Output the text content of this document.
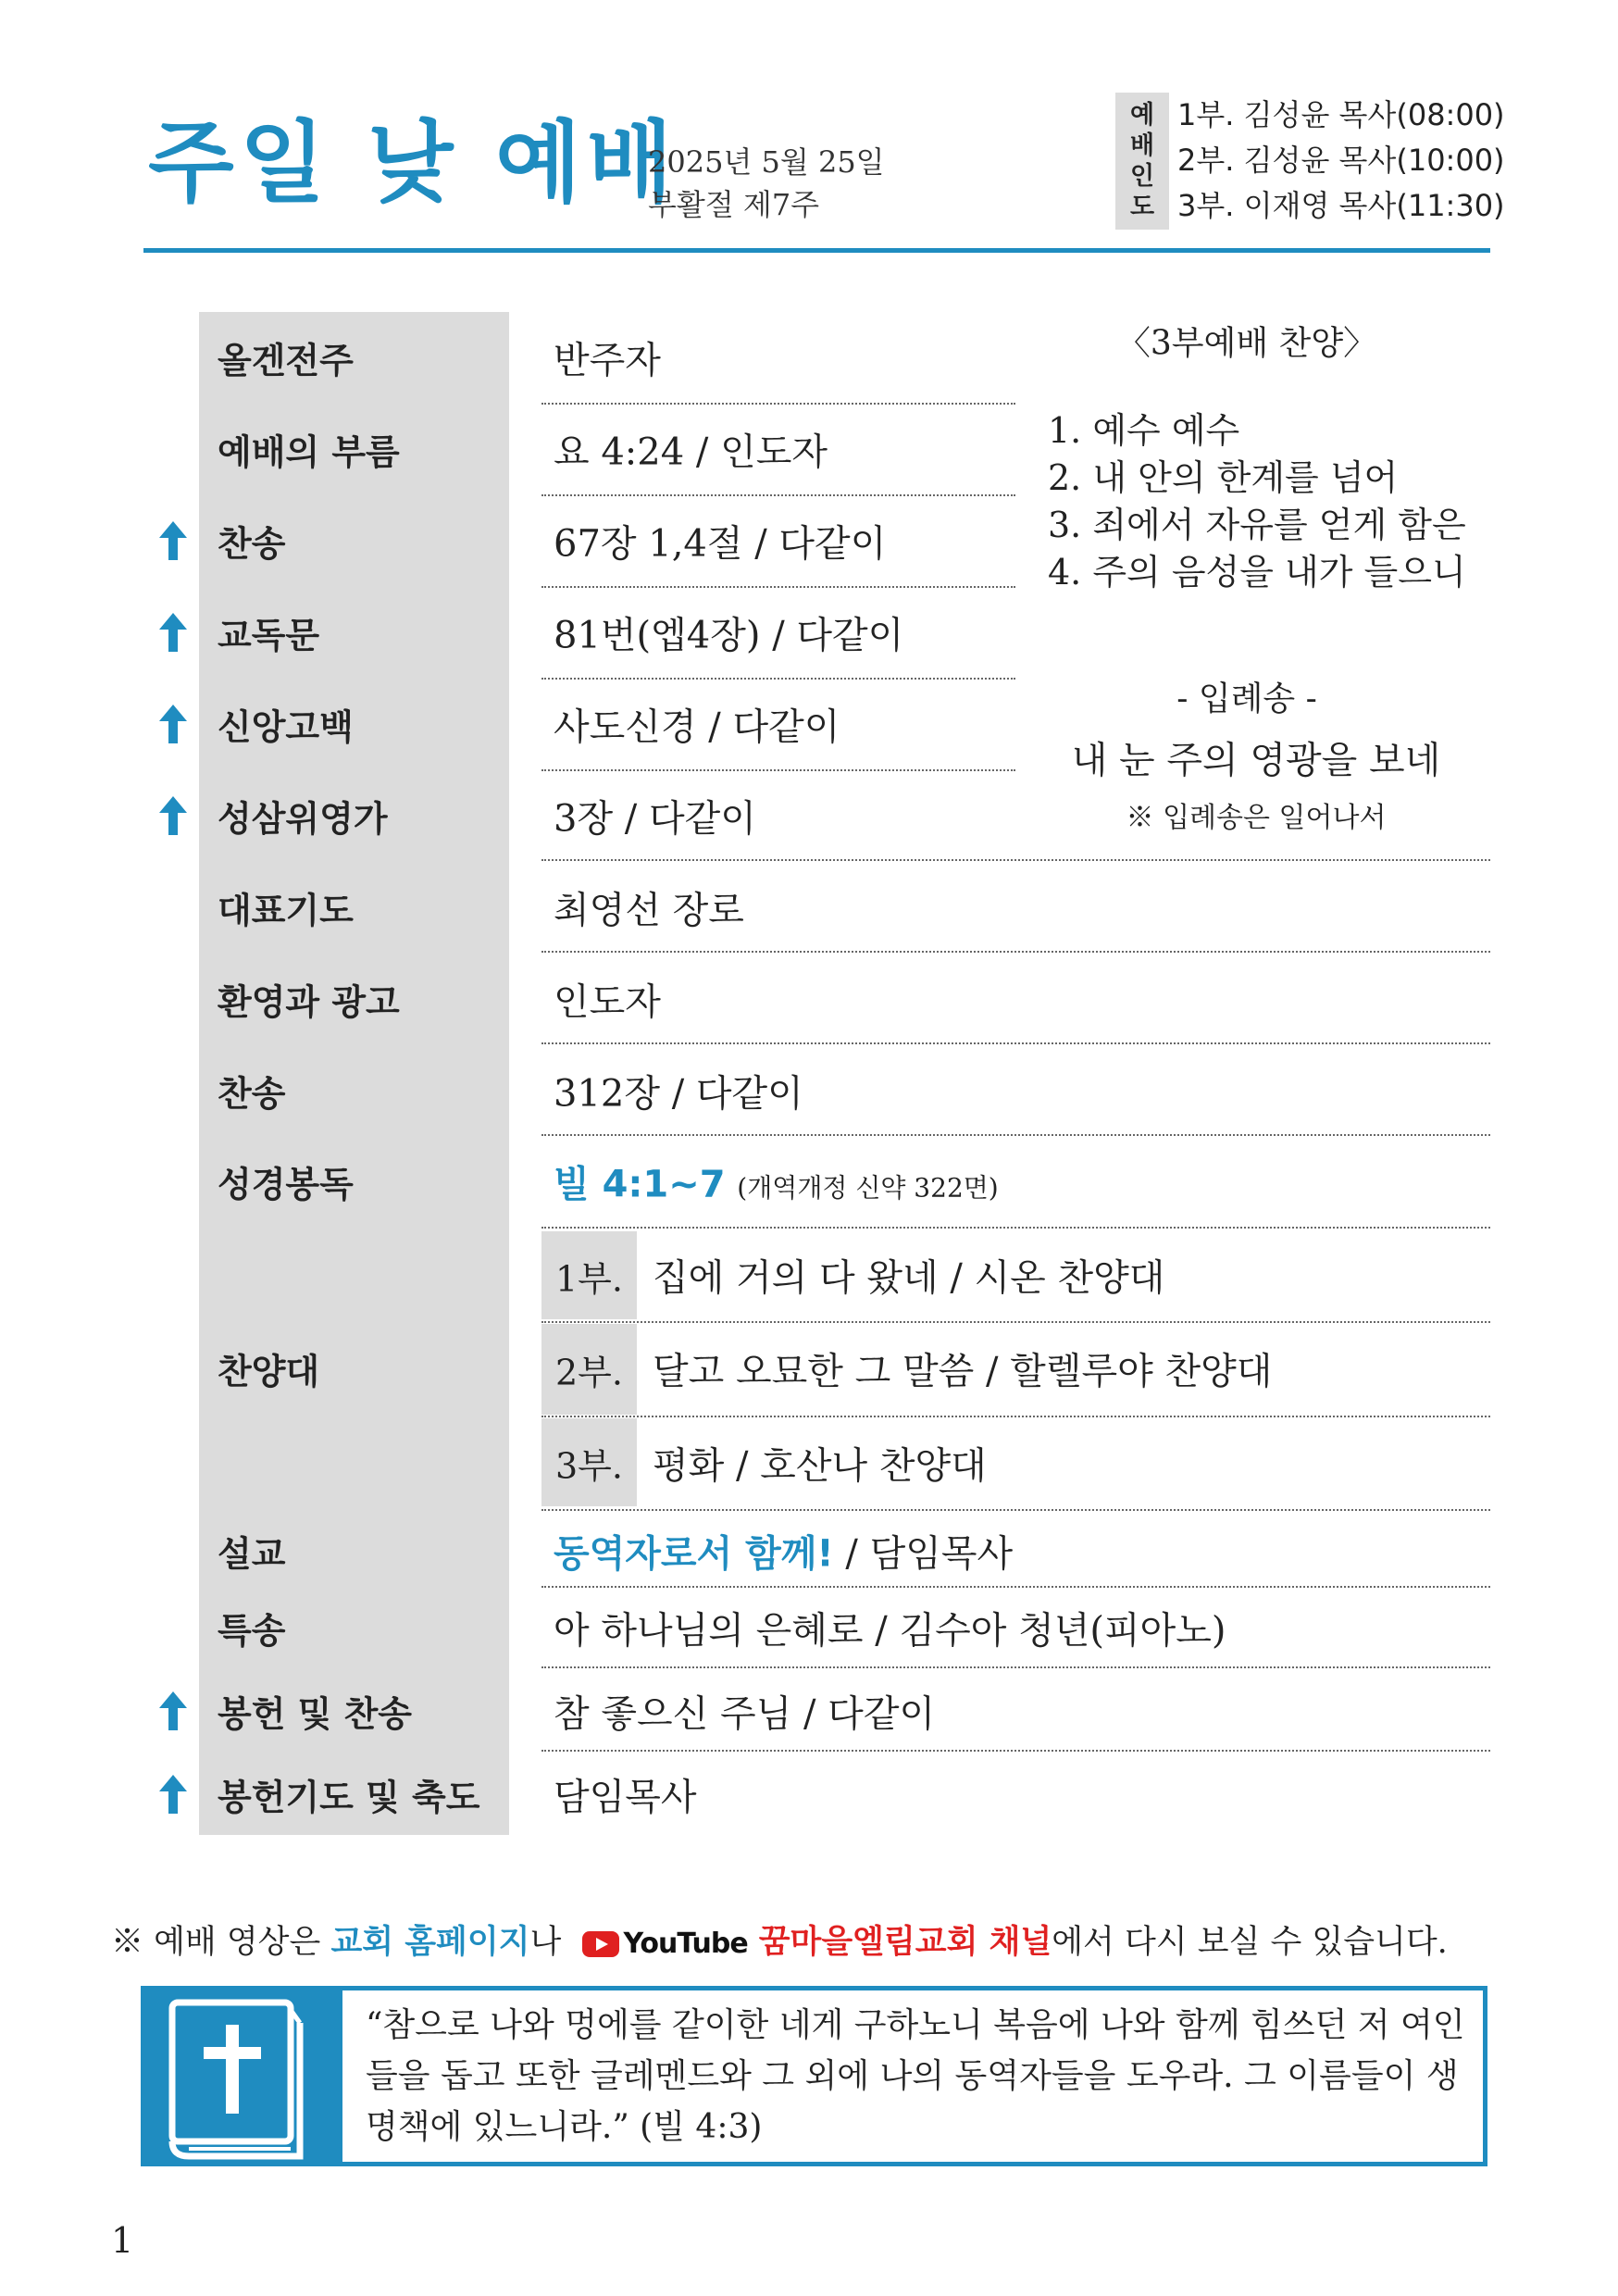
주일 낮 예배
2025년 5월 25일
부활절 제7주
예
배
인
도
1부. 김성윤 목사(08:00)
2부. 김성윤 목사(10:00)
3부. 이재영 목사(11:30)
올겐전주
예배의 부름
찬송
교독문
신앙고백
성삼위영가
대표기도
환영과 광고
찬송
성경봉독
찬양대
설교
특송
봉헌 및 찬송
봉헌기도 및 축도
반주자
요 4:24 / 인도자
67장 1,4절 / 다같이
81번(엡4장) / 다같이
사도신경 / 다같이
3장 / 다같이
최영선 장로
인도자
312장 / 다같이
빌 4:1~7 (개역개정 신약 322면)
동역자로서 함께! / 담임목사
아 하나님의 은혜로 / 김수아 청년(피아노)
참 좋으신 주님 / 다같이
담임목사
1부.
2부.
3부.
집에 거의 다 왔네 / 시온 찬양대
달고 오묘한 그 말씀 / 할렐루야 찬양대
평화 / 호산나 찬양대
〈3부예배 찬양〉
1. 예수 예수
2. 내 안의 한계를 넘어
3. 죄에서 자유를 얻게 함은
4. 주의 음성을 내가 들으니
- 입례송 -
내 눈 주의 영광을 보네
※ 입례송은 일어나서
※ 예배 영상은 교회 홈페이지나 YouTube 꿈마을엘림교회 채널에서 다시 보실 수 있습니다.
“참으로 나와 멍에를 같이한 네게 구하노니 복음에 나와 함께 힘쓰던 저 여인들을 돕고 또한 글레멘드와 그 외에 나의 동역자들을 도우라. 그 이름들이 생명책에 있느니라.” (빌 4:3)
1
